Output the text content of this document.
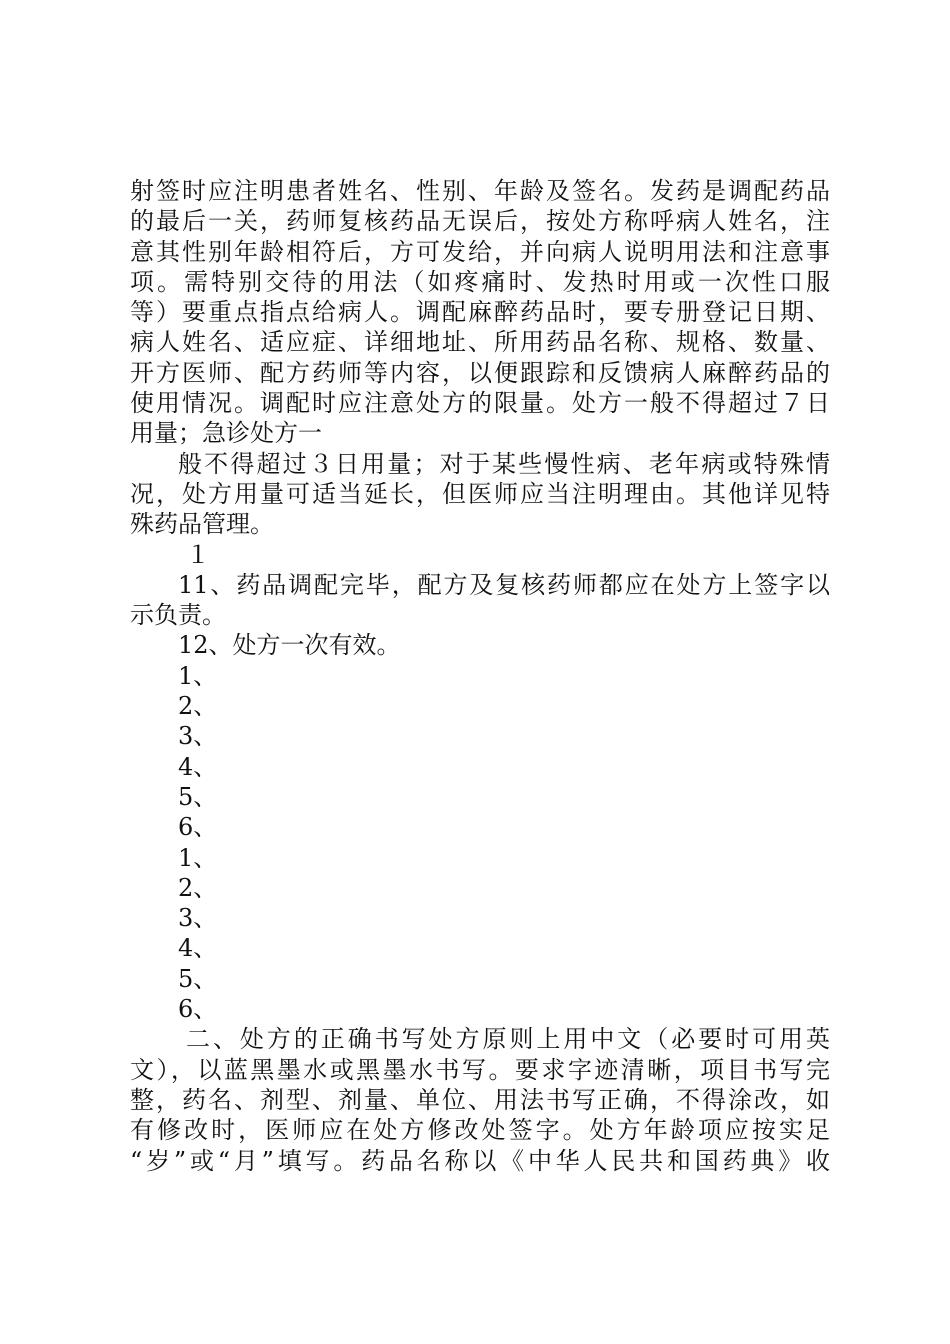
射签时应注明患者姓名、性别、年龄及签名。发药是调配药品
的最后一关，药师复核药品无误后，按处方称呼病人姓名，注
意其性别年龄相符后，方可发给，并向病人说明用法和注意事
项。需特别交待的用法（如疼痛时、发热时用或一次性口服
等）要重点指点给病人。调配麻醉药品时，要专册登记日期、
病人姓名、适应症、详细地址、所用药品名称、规格、数量、
开方医师、配方药师等内容，以便跟踪和反馈病人麻醉药品的
使用情况。调配时应注意处方的限量。处方一般不得超过７日
用量；急诊处方一
般不得超过３日用量；对于某些慢性病、老年病或特殊情
况，处方用量可适当延长，但医师应当注明理由。其他详见特
殊药品管理。
１
11、药品调配完毕，配方及复核药师都应在处方上签字以
示负责。
12、处方一次有效。
1、
2、
3、
4、
5、
6、
1、
2、
3、
4、
5、
6、
二、处方的正确书写处方原则上用中文（必要时可用英
文），以蓝黑墨水或黑墨水书写。要求字迹清晰，项目书写完
整，药名、剂型、剂量、单位、用法书写正确，不得涂改，如
有修改时，医师应在处方修改处签字。处方年龄项应按实足
“岁”或“月”填写。药品名称以《中华人民共和国药典》收
